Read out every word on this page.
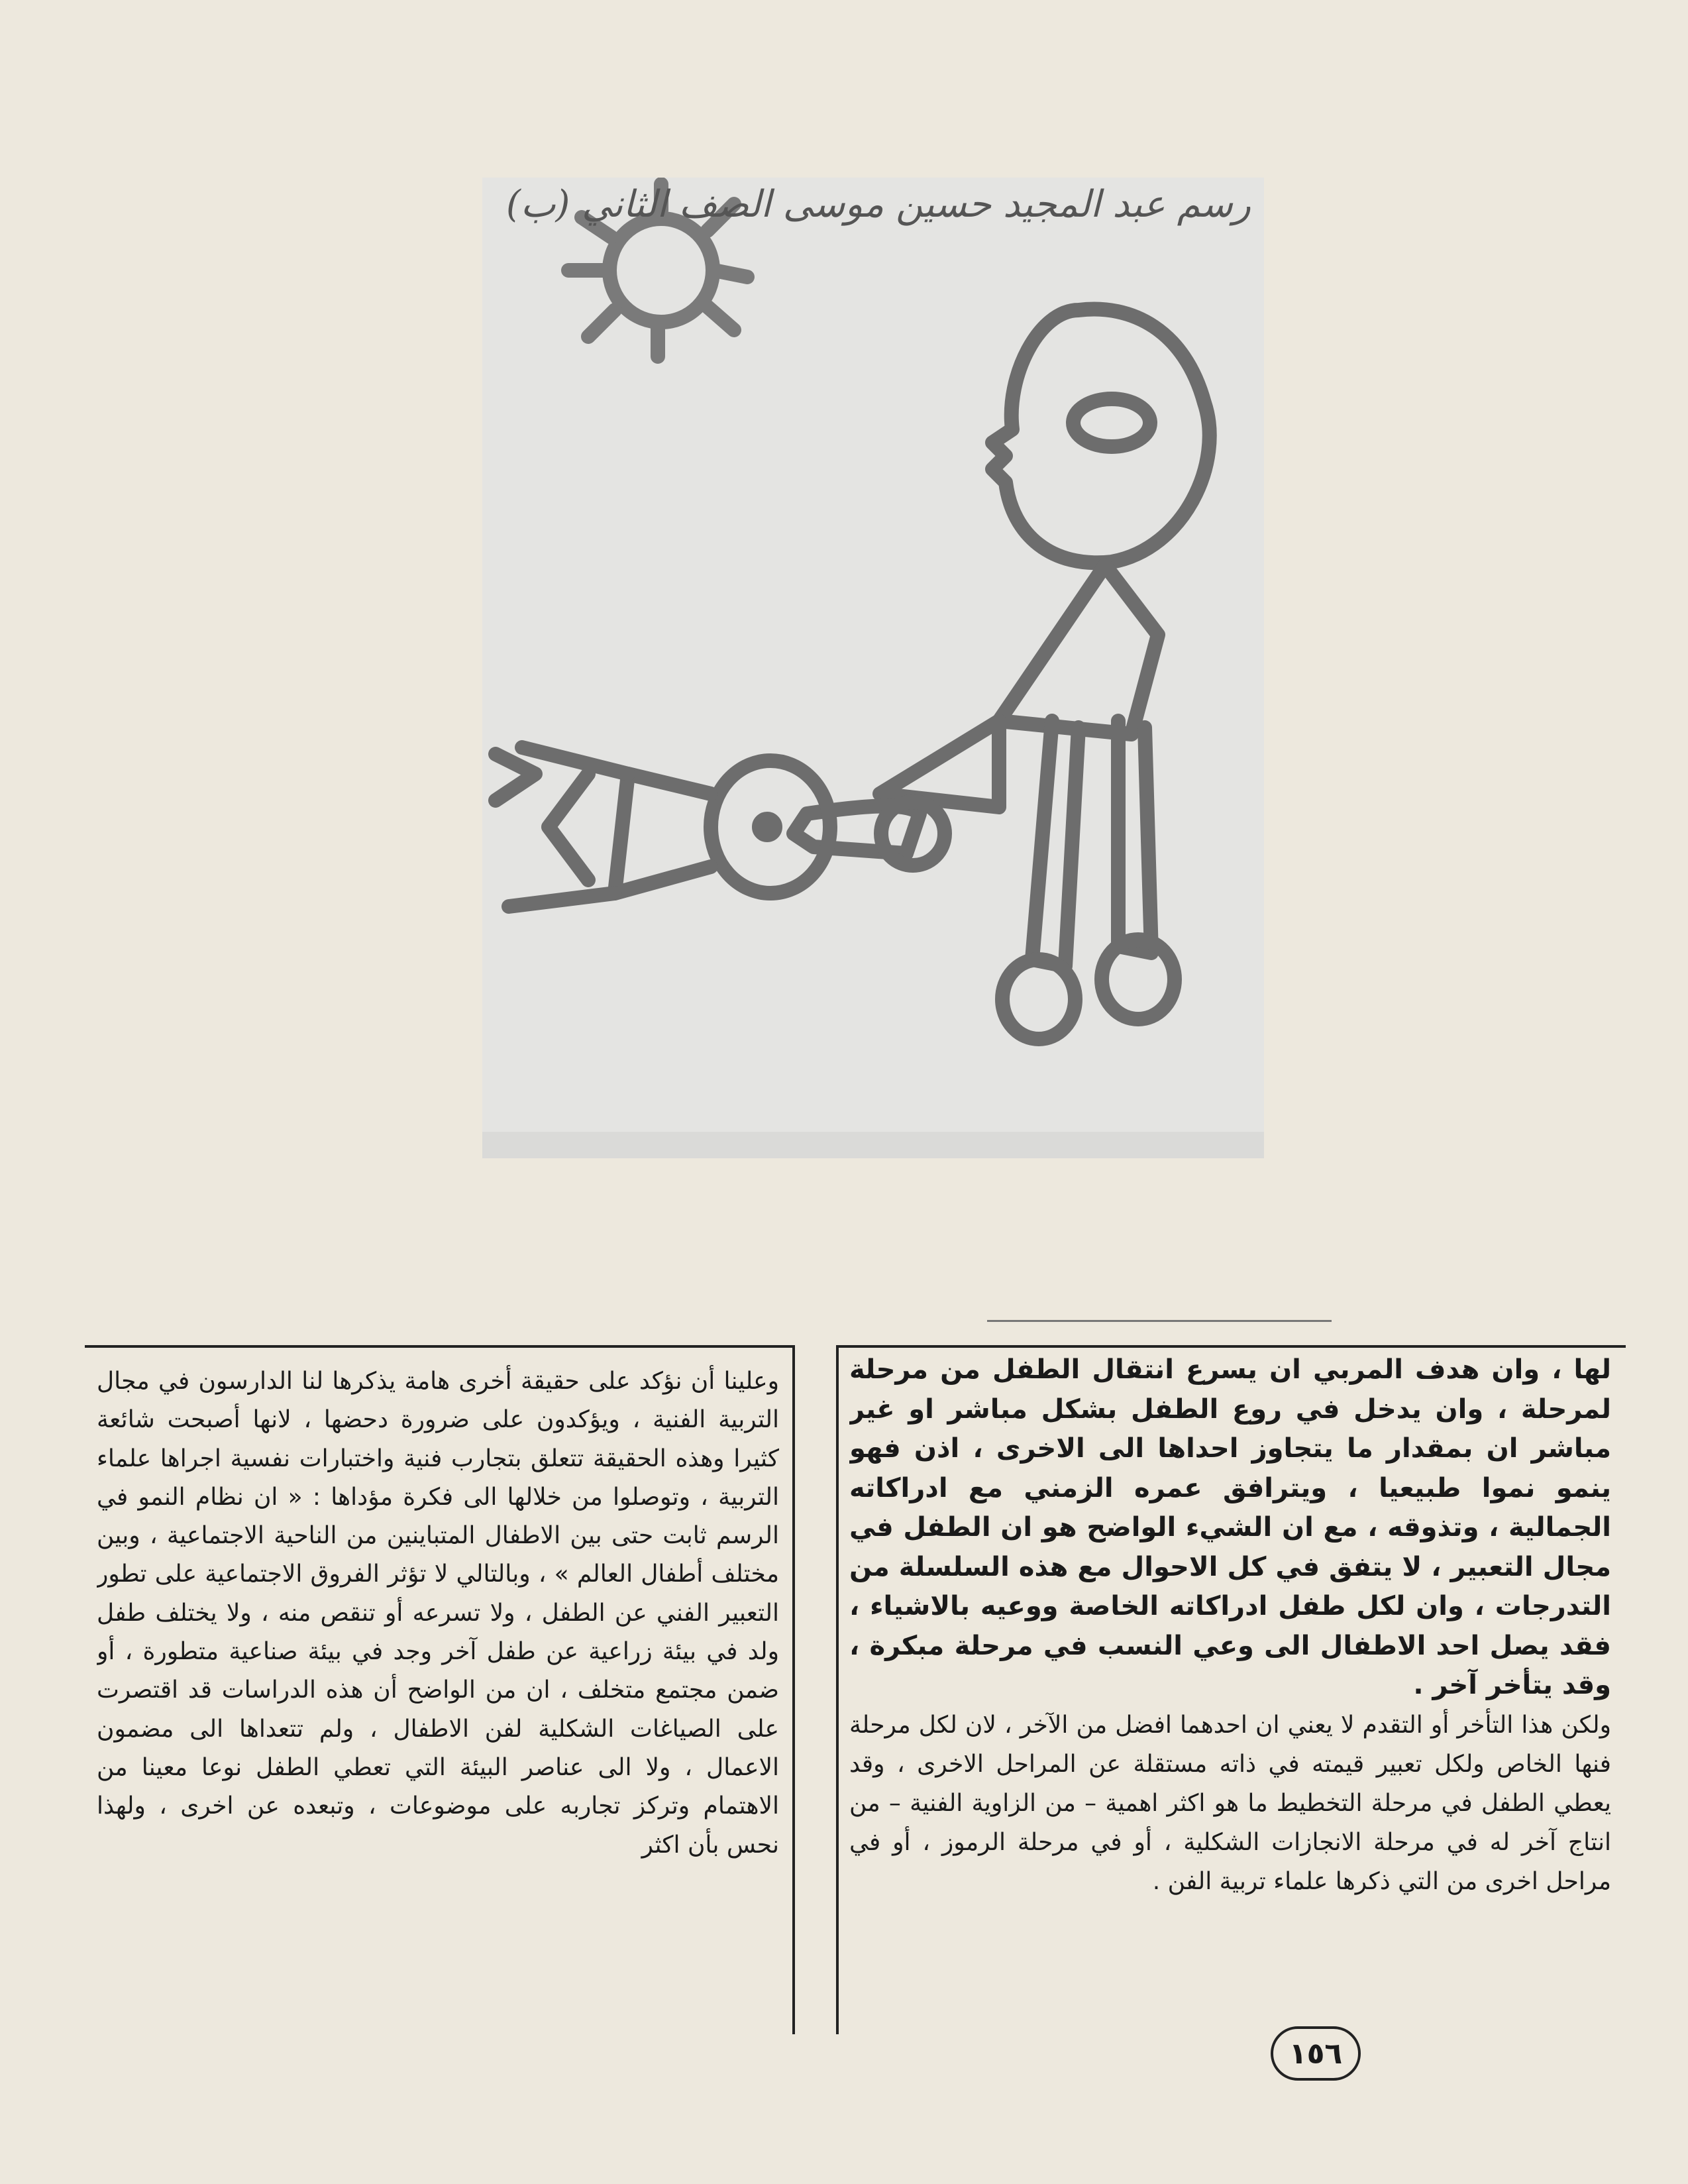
رسم عبد المجيد حسين موسى الصف الثاني (ب)

لها ، وان هدف المربي ان يسرع انتقال الطفل من مرحلة لمرحلة ، وان يدخل في روع الطفل بشكل مباشر او غير مباشر ان بمقدار ما يتجاوز احداها الى الاخرى ، اذن فهو ينمو نموا طبيعيا ، ويترافق عمره الزمني مع ادراكاته الجمالية ، وتذوقه ، مع ان الشيء الواضح هو ان الطفل في مجال التعبير ، لا يتفق في كل الاحوال مع هذه السلسلة من التدرجات ، وان لكل طفل ادراكاته الخاصة ووعيه بالاشياء ، فقد يصل احد الاطفال الى وعي النسب في مرحلة مبكرة ، وقد يتأخر آخر .

ولكن هذا التأخر أو التقدم لا يعني ان احدهما افضل من الآخر ، لان لكل مرحلة فنها الخاص ولكل تعبير قيمته في ذاته مستقلة عن المراحل الاخرى ، وقد يعطي الطفل في مرحلة التخطيط ما هو اكثر اهمية – من الزاوية الفنية – من انتاج آخر له في مرحلة الانجازات الشكلية ، أو في مرحلة الرموز ، أو في مراحل اخرى من التي ذكرها علماء تربية الفن .

وعلينا أن نؤكد على حقيقة أخرى هامة يذكرها لنا الدارسون في مجال التربية الفنية ، ويؤكدون على ضرورة دحضها ، لانها أصبحت شائعة كثيرا وهذه الحقيقة تتعلق بتجارب فنية واختبارات نفسية اجراها علماء التربية ، وتوصلوا من خلالها الى فكرة مؤداها : « ان نظام النمو في الرسم ثابت حتى بين الاطفال المتباينين من الناحية الاجتماعية ، وبين مختلف أطفال العالم » ، وبالتالي لا تؤثر الفروق الاجتماعية على تطور التعبير الفني عن الطفل ، ولا تسرعه أو تنقص منه ، ولا يختلف طفل ولد في بيئة زراعية عن طفل آخر وجد في بيئة صناعية متطورة ، أو ضمن مجتمع متخلف ، ان من الواضح أن هذه الدراسات قد اقتصرت على الصياغات الشكلية لفن الاطفال ، ولم تتعداها الى مضمون الاعمال ، ولا الى عناصر البيئة التي تعطي الطفل نوعا معينا من الاهتمام وتركز تجاربه على موضوعات ، وتبعده عن اخرى ، ولهذا نحس بأن اكثر

١٥٦
